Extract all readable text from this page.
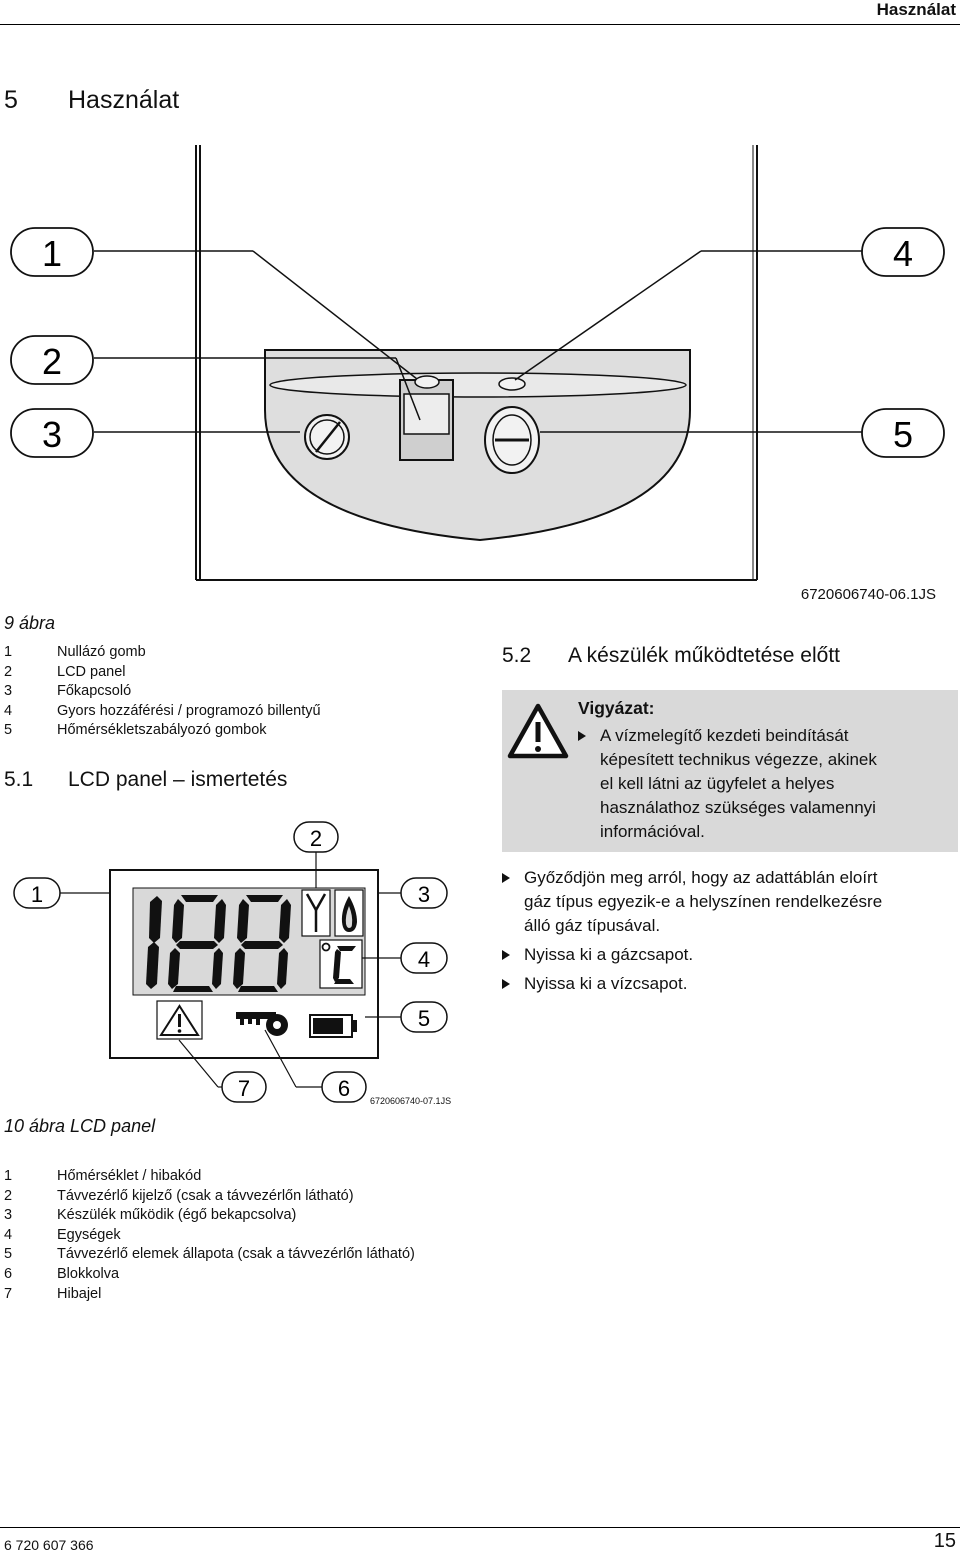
Használat
5 Használat
1
2
3
4
5
6720606740-06.1JS
9 ábra
1	Nullázó gomb
2	LCD panel
3	Főkapcsoló
4	Gyors hozzáférési / programozó billentyű
5	Hőmérsékletszabályozó gombok
5.1 LCD panel – ismertetés
1
2
3
4
5
6
7	6720606740-07.1JS
10 ábra LCD panel
1	Hőmérséklet / hibakód
2	Távvezérlő kijelző (csak a távvezérlőn látható)
3	Készülék működik (égő bekapcsolva)
4	Egységek
5	Távvezérlő elemek állapota (csak a távvezérlőn látható)
6	Blokkolva
7	Hibajel
5.2 A készülék működtetése előtt
Vigyázat:
A vízmelegítő kezdeti beindítását
képesített technikus végezze, akinek
el kell látni az ügyfelet a helyes
használathoz szükséges valamennyi
információval.
Győződjön meg arról, hogy az adattáblán eloírt
gáz típus egyezik-e a helyszínen rendelkezésre
álló gáz típusával.
Nyissa ki a gázcsapot.
Nyissa ki a vízcsapot.
6 720 607 366	15
